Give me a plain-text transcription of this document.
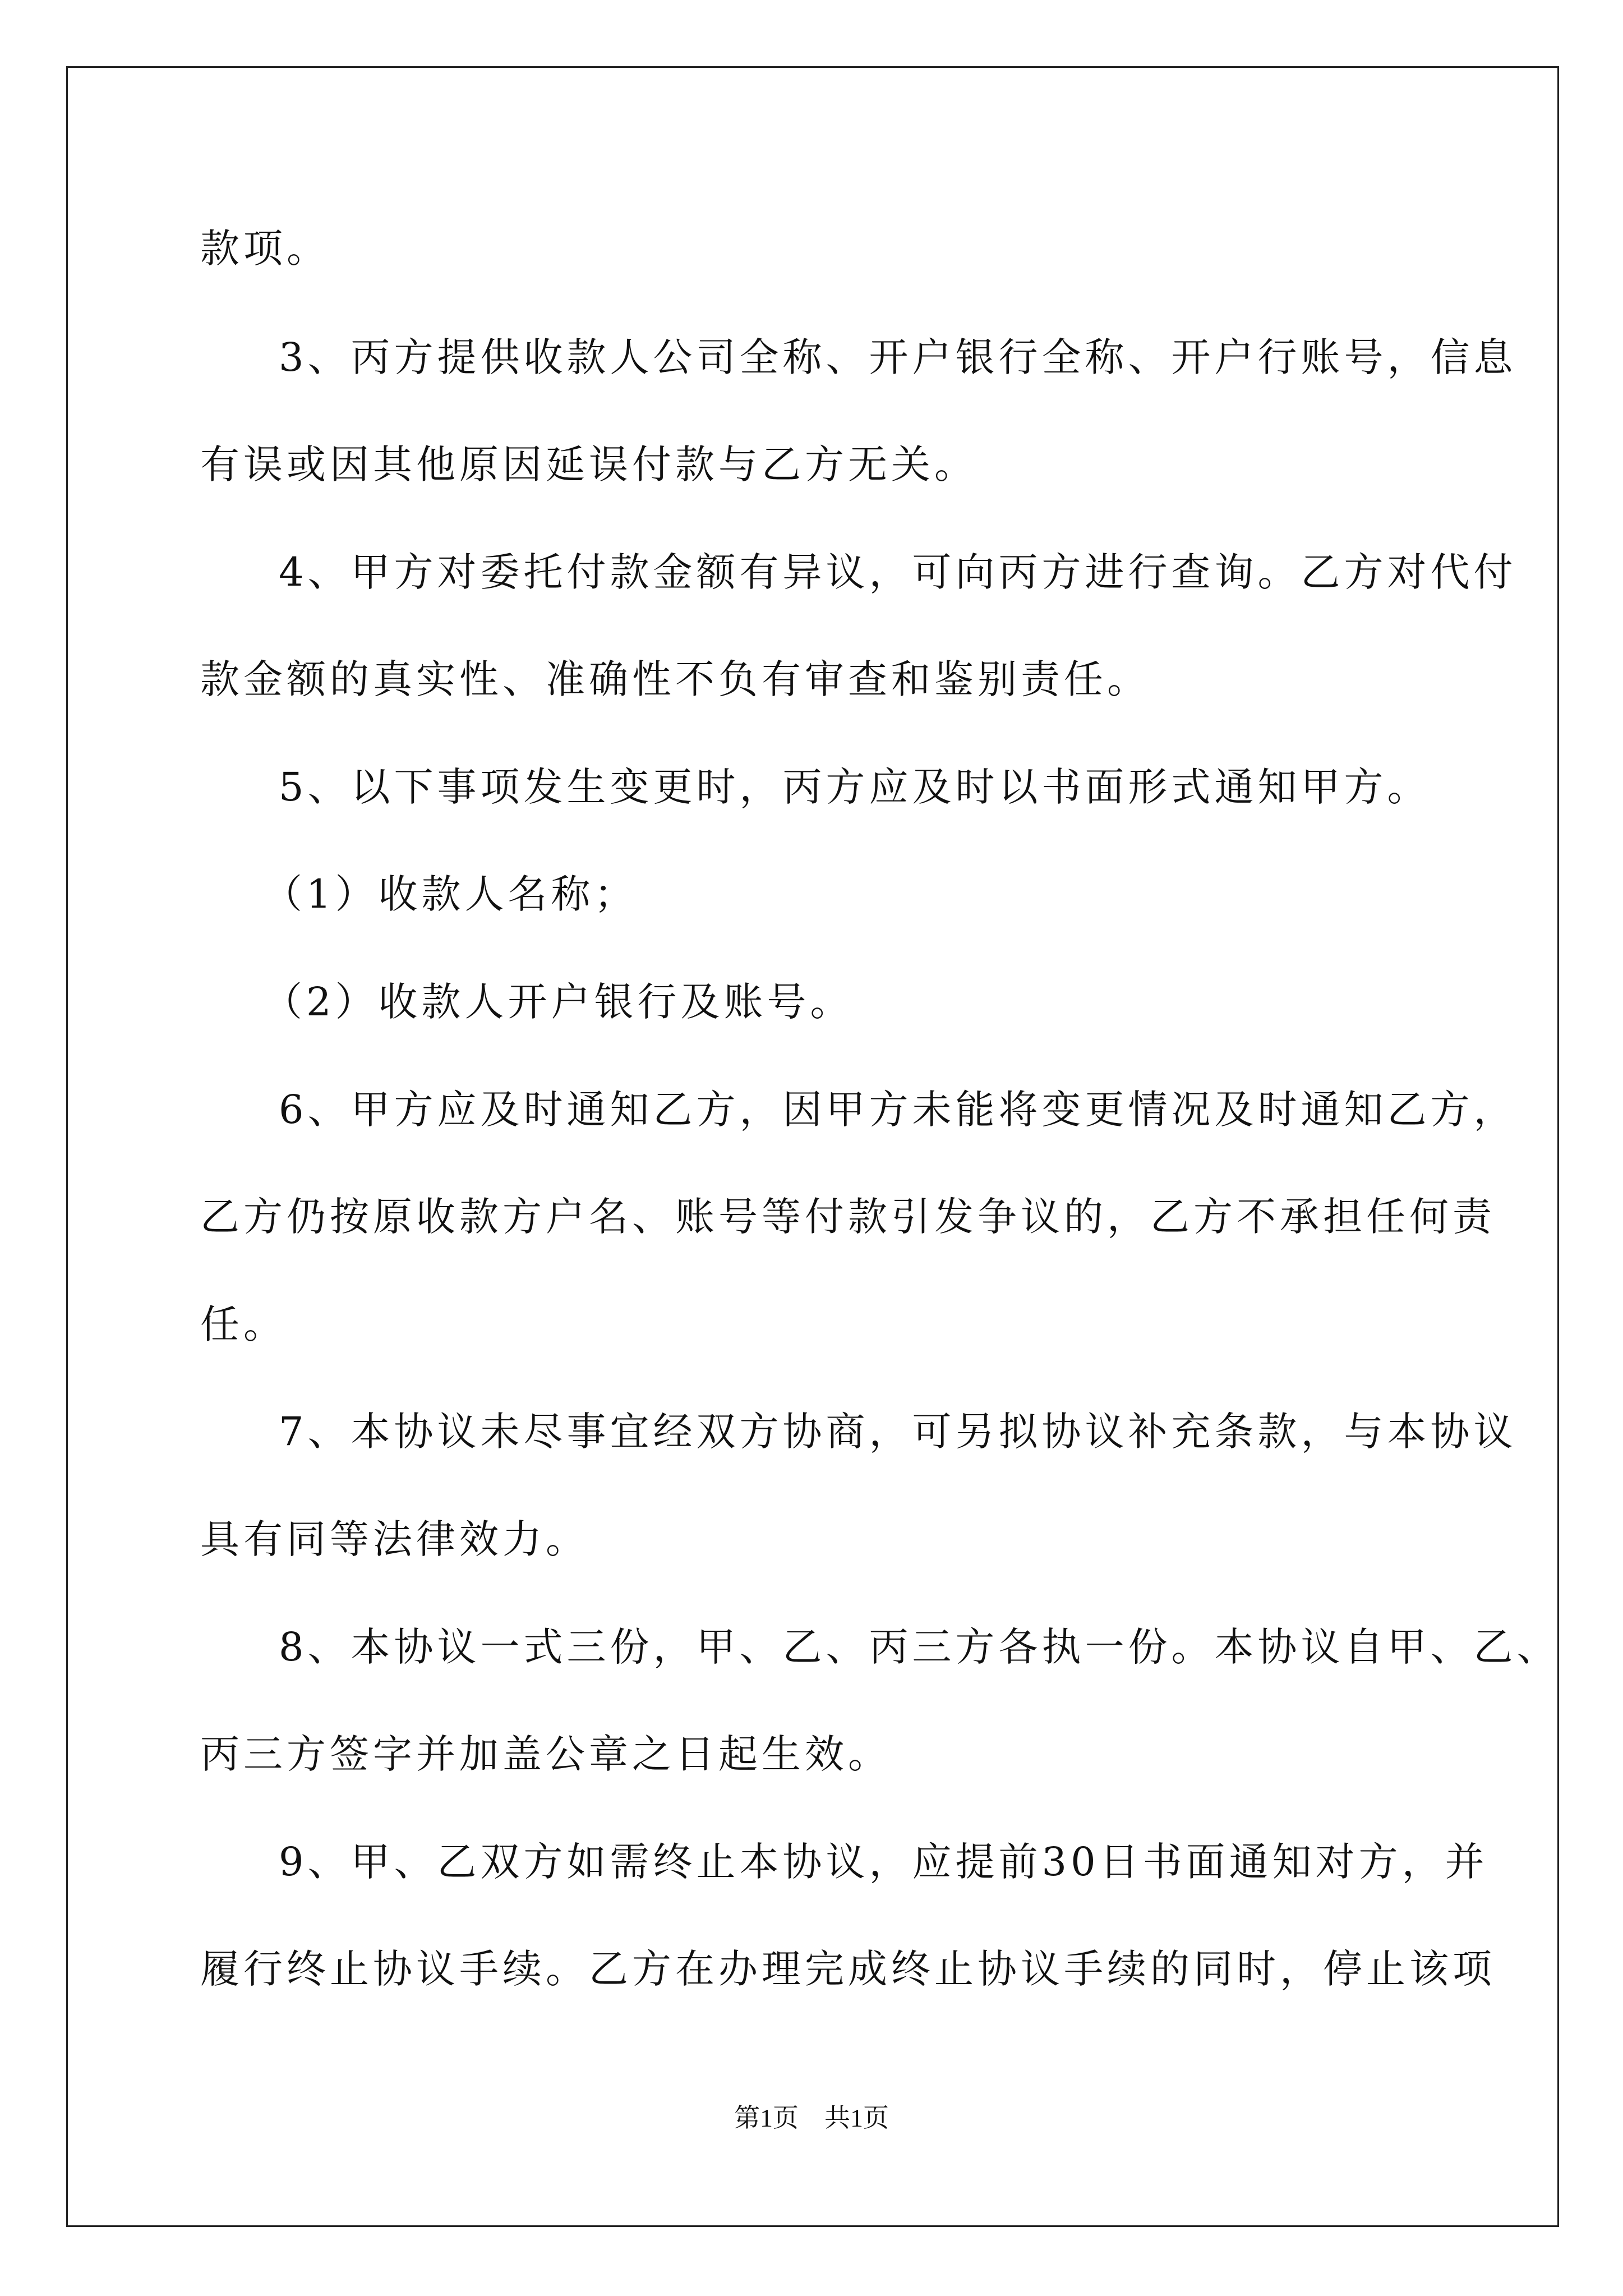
款项。
3、丙方提供收款人公司全称、开户银行全称、开户行账号，信息
有误或因其他原因延误付款与乙方无关。
4、甲方对委托付款金额有异议，可向丙方进行查询。乙方对代付
款金额的真实性、准确性不负有审查和鉴别责任。
5、以下事项发生变更时，丙方应及时以书面形式通知甲方。
（1）收款人名称；
（2）收款人开户银行及账号。
6、甲方应及时通知乙方，因甲方未能将变更情况及时通知乙方，
乙方仍按原收款方户名、账号等付款引发争议的，乙方不承担任何责
任。
7、本协议未尽事宜经双方协商，可另拟协议补充条款，与本协议
具有同等法律效力。
8、本协议一式三份，甲、乙、丙三方各执一份。本协议自甲、乙、
丙三方签字并加盖公章之日起生效。
9、甲、乙双方如需终止本协议，应提前30日书面通知对方，并
履行终止协议手续。乙方在办理完成终止协议手续的同时，停止该项
第1页　共1页
